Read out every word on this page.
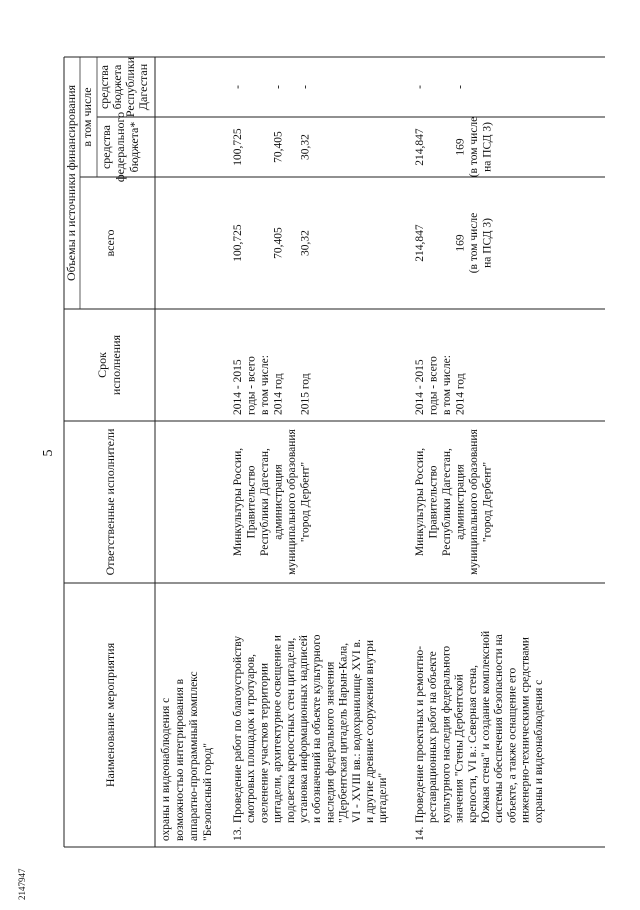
5
2147947
Наименование мероприятия
Ответственные исполнители
Срокисполнения
Объемы и источники финансирования всего
в том числе
средствафедеральногобюджета*
средствабюджетаРеспубликиДагестан
охраны и видеонаблюдения с возможностью интегрирования в аппаратно-программный комплекс "Безопасный город" 13.
Проведение работ по благоустройствусмотровых площадок и тротуаров,озеленение участков территориицитадели, архитектурное освещение иподсветка крепостных стен цитадели,установка информационных надписейи обозначений на объекте культурногонаследия федерального значения"Дербентская цитадель Нарын-Кала,VI - XVIII вв.: водохранилище XVI в.и другие древние сооружения внутрицитадели"
Минкультуры России, Правительство Республики Дагестан, администрация муниципального образования "город Дербент"
2014 - 2015 годы - всего в том числе: 2014 год 2015 год
100,725 70,405 30,32
100,725 70,405 30,32
- - -
14.
Проведение проектных и ремонтно-реставрационных работ на объектекультурного наследия федеральногозначения "Стены Дербентскойкрепости, VI в.: Северная стена,Южная стена" и создание комплекснойсистемы обеспечения безопасности наобъекте, а также оснащение егоинженерно-техническими средствамиохраны и видеонаблюдения с
Минкультуры России, Правительство Республики Дагестан, администрация муниципального образования "город Дербент"
2014 - 2015 годы - всего в том числе: 2014 год
214,847 169 (в том числе на ПСД 3)
214,847 169 (в том числе на ПСД 3)
- -
